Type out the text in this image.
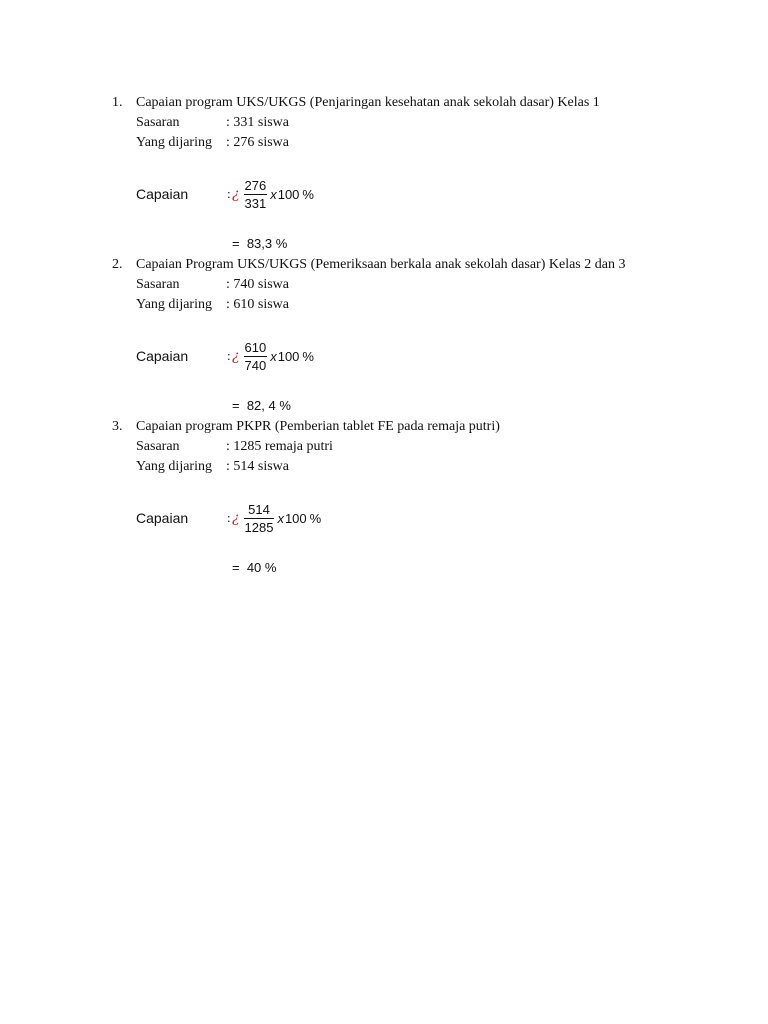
1. Capaian program UKS/UKGS (Penjaringan kesehatan anak sekolah dasar) Kelas 1
Sasaran	: 331 siswa
Yang dijaring : 276 siswa
Capaian	: ¿ $\frac{276}{331}$ x 100 %
=  83,3 %
2. Capaian Program UKS/UKGS (Pemeriksaan berkala anak sekolah dasar) Kelas 2 dan 3
Sasaran	: 740 siswa
Yang dijaring : 610 siswa
Capaian	: ¿ $\frac{610}{740}$ x 100 %
=  82, 4 %
3. Capaian program PKPR (Pemberian tablet FE pada remaja putri)
Sasaran	: 1285 remaja putri
Yang dijaring : 514 siswa
Capaian	: ¿ $\frac{514}{1285}$ x 100 %
=  40 %
